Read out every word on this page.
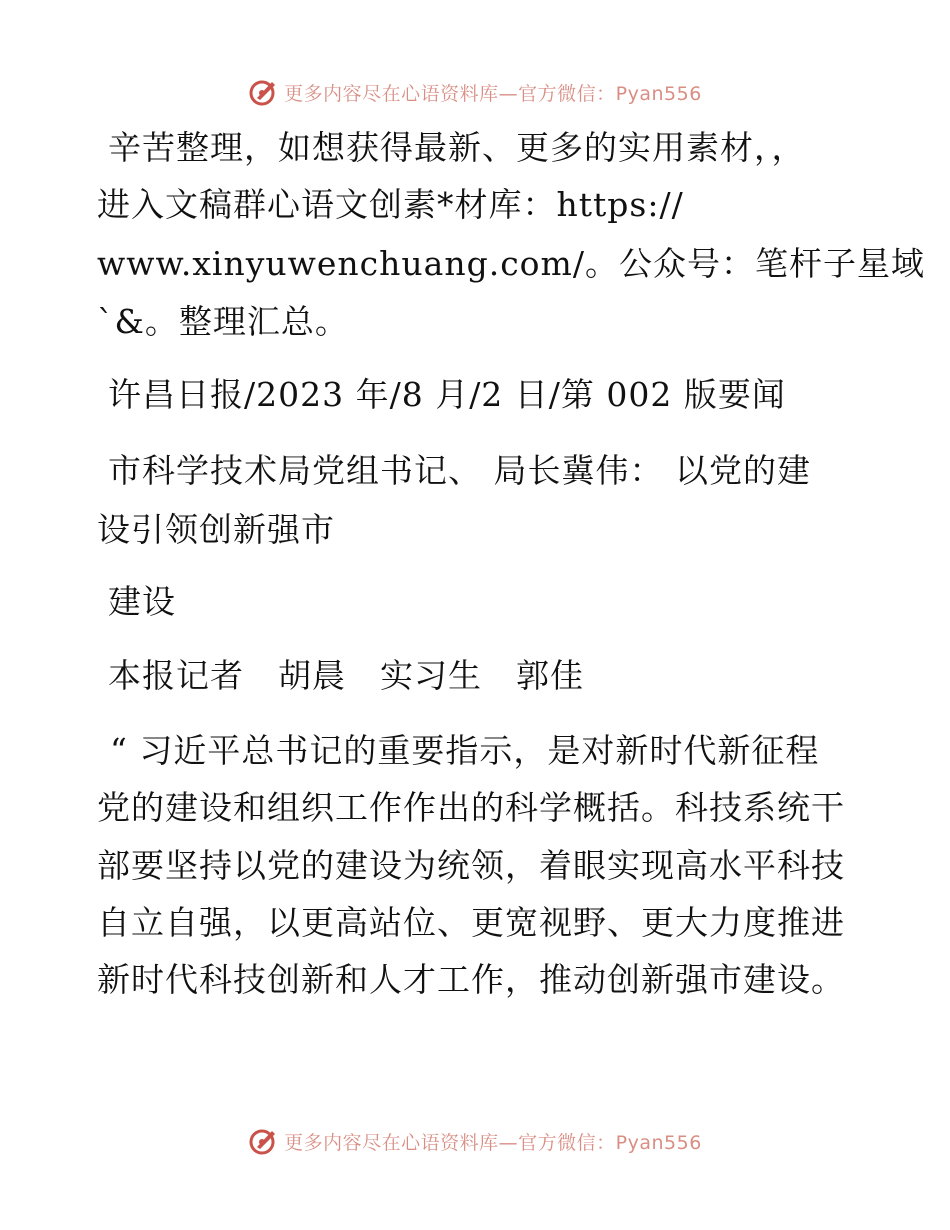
更多内容尽在心语资料库—官方微信：Pyan556
辛苦整理，如想获得最新、更多的实用素材，，
进入文稿群心语文创素*材库：https://
www.xinyuwenchuang.com/。公众号：笔杆子星域
`&。整理汇总。
许昌日报/2023 年/8 月/2 日/第 002 版要闻
市科学技术局党组书记、 局长冀伟： 以党的建
设引领创新强市
建设
本报记者　胡晨　实习生　郭佳
“ 习近平总书记的重要指示，是对新时代新征程
党的建设和组织工作作出的科学概括。科技系统干
部要坚持以党的建设为统领，着眼实现高水平科技
自立自强，以更高站位、更宽视野、更大力度推进
新时代科技创新和人才工作，推动创新强市建设。
更多内容尽在心语资料库—官方微信：Pyan556
